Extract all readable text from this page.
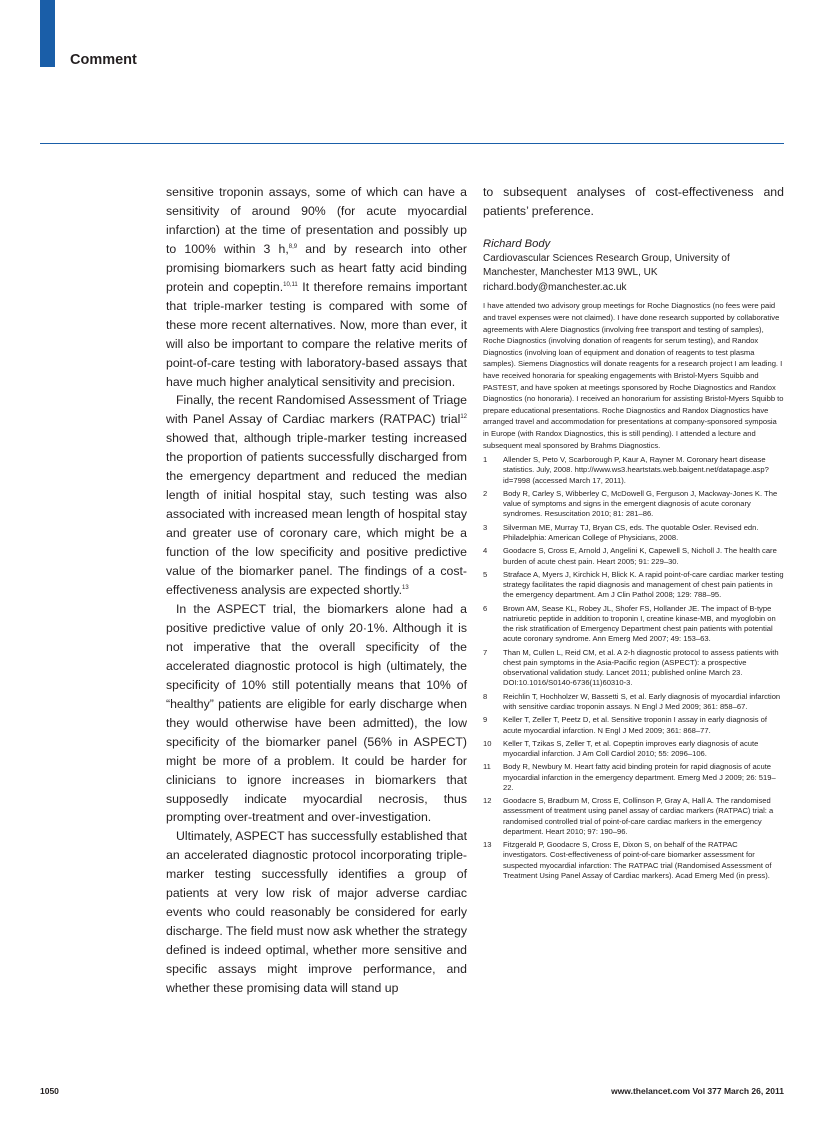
Comment

sensitive troponin assays, some of which can have a sensitivity of around 90% (for acute myocardial infarction) at the time of presentation and possibly up to 100% within 3 h,$^{8,9}$ and by research into other promising biomarkers such as heart fatty acid binding protein and copeptin.$^{10,11}$ It therefore remains important that triple-marker testing is compared with some of these more recent alternatives. Now, more than ever, it will also be important to compare the relative merits of point-of-care testing with laboratory-based assays that have much higher analytical sensitivity and precision.

Finally, the recent Randomised Assessment of Triage with Panel Assay of Cardiac markers (RATPAC) trial$^{12}$ showed that, although triple-marker testing increased the proportion of patients successfully discharged from the emergency department and reduced the median length of initial hospital stay, such testing was also associated with increased mean length of hospital stay and greater use of coronary care, which might be a function of the low specificity and positive predictive value of the biomarker panel. The findings of a cost-effectiveness analysis are expected shortly.$^{13}$

In the ASPECT trial, the biomarkers alone had a positive predictive value of only 20·1%. Although it is not imperative that the overall specificity of the accelerated diagnostic protocol is high (ultimately, the specificity of 10% still potentially means that 10% of “healthy” patients are eligible for early discharge when they would otherwise have been admitted), the low specificity of the biomarker panel (56% in ASPECT) might be more of a problem. It could be harder for clinicians to ignore increases in biomarkers that supposedly indicate myocardial necrosis, thus prompting over-treatment and over-investigation.

Ultimately, ASPECT has successfully established that an accelerated diagnostic protocol incorporating triple-marker testing successfully identifies a group of patients at very low risk of major adverse cardiac events who could reasonably be considered for early discharge. The field must now ask whether the strategy defined is indeed optimal, whether more sensitive and specific assays might improve performance, and whether these promising data will stand up

to subsequent analyses of cost-effectiveness and patients’ preference.

Richard Body

Cardiovascular Sciences Research Group, University of Manchester, Manchester M13 9WL, UK

richard.body@manchester.ac.uk

I have attended two advisory group meetings for Roche Diagnostics (no fees were paid and travel expenses were not claimed). I have done research supported by collaborative agreements with Alere Diagnostics (involving free transport and testing of samples), Roche Diagnostics (involving donation of reagents for serum testing), and Randox Diagnostics (involving loan of equipment and donation of reagents to test plasma samples). Siemens Diagnostics will donate reagents for a research project I am leading. I have received honoraria for speaking engagements with Bristol-Myers Squibb and PASTEST, and have spoken at meetings sponsored by Roche Diagnostics and Randox Diagnostics (no honoraria). I received an honorarium for assisting Bristol-Myers Squibb to prepare educational presentations. Roche Diagnostics and Randox Diagnostics have arranged travel and accommodation for presentations at company-sponsored symposia in Europe (with Randox Diagnostics, this is still pending). I attended a lecture and subsequent meal sponsored by Brahms Diagnostics.

1	Allender S, Peto V, Scarborough P, Kaur A, Rayner M. Coronary heart disease statistics. July, 2008. http://www.ws3.heartstats.web.baigent.net/datapage.asp?id=7998 (accessed March 17, 2011).
2	Body R, Carley S, Wibberley C, McDowell G, Ferguson J, Mackway-Jones K. The value of symptoms and signs in the emergent diagnosis of acute coronary syndromes. Resuscitation 2010; 81: 281–86.
3	Silverman ME, Murray TJ, Bryan CS, eds. The quotable Osler. Revised edn. Philadelphia: American College of Physicians, 2008.
4	Goodacre S, Cross E, Arnold J, Angelini K, Capewell S, Nicholl J. The health care burden of acute chest pain. Heart 2005; 91: 229–30.
5	Straface A, Myers J, Kirchick H, Blick K. A rapid point-of-care cardiac marker testing strategy facilitates the rapid diagnosis and management of chest pain patients in the emergency department. Am J Clin Pathol 2008; 129: 788–95.
6	Brown AM, Sease KL, Robey JL, Shofer FS, Hollander JE. The impact of B-type natriuretic peptide in addition to troponin I, creatine kinase-MB, and myoglobin on the risk stratification of Emergency Department chest pain patients with potential acute coronary syndrome. Ann Emerg Med 2007; 49: 153–63.
7	Than M, Cullen L, Reid CM, et al. A 2-h diagnostic protocol to assess patients with chest pain symptoms in the Asia-Pacific region (ASPECT): a prospective observational validation study. Lancet 2011; published online March 23. DOI:10.1016/S0140-6736(11)60310-3.
8	Reichlin T, Hochholzer W, Bassetti S, et al. Early diagnosis of myocardial infarction with sensitive cardiac troponin assays. N Engl J Med 2009; 361: 858–67.
9	Keller T, Zeller T, Peetz D, et al. Sensitive troponin I assay in early diagnosis of acute myocardial infarction. N Engl J Med 2009; 361: 868–77.
10	Keller T, Tzikas S, Zeller T, et al. Copeptin improves early diagnosis of acute myocardial infarction. J Am Coll Cardiol 2010; 55: 2096–106.
11	Body R, Newbury M. Heart fatty acid binding protein for rapid diagnosis of acute myocardial infarction in the emergency department. Emerg Med J 2009; 26: 519–22.
12	Goodacre S, Bradburn M, Cross E, Collinson P, Gray A, Hall A. The randomised assessment of treatment using panel assay of cardiac markers (RATPAC) trial: a randomised controlled trial of point-of-care cardiac markers in the emergency department. Heart 2010; 97: 190–96.
13	Fitzgerald P, Goodacre S, Cross E, Dixon S, on behalf of the RATPAC investigators. Cost-effectiveness of point-of-care biomarker assessment for suspected myocardial infarction: The RATPAC trial (Randomised Assessment of Treatment Using Panel Assay of Cardiac markers). Acad Emerg Med (in press).
1050	www.thelancet.com Vol 377 March 26, 2011
